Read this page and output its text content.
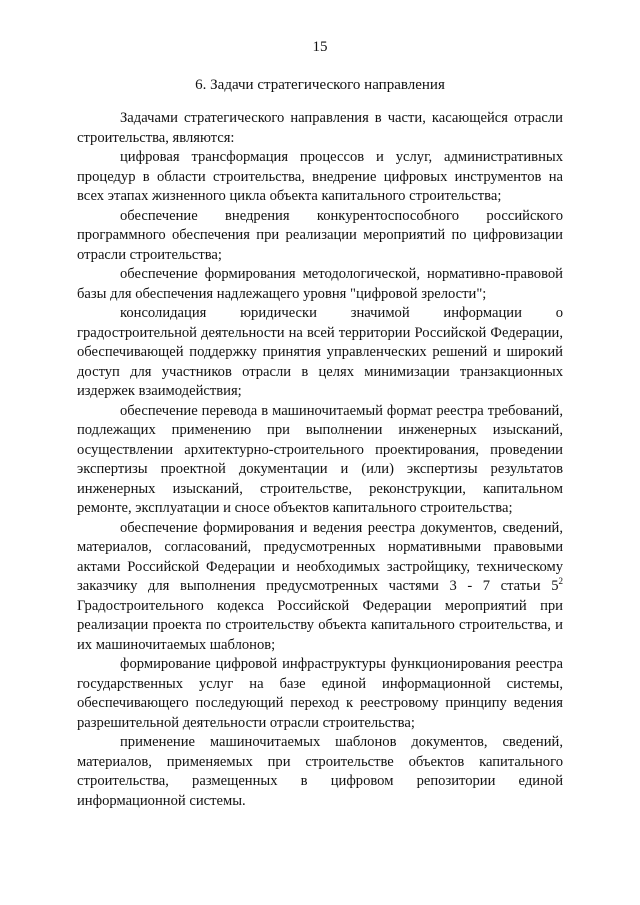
15
6. Задачи стратегического направления

Задачами стратегического направления в части, касающейся отрасли строительства, являются:

цифровая трансформация процессов и услуг, административных процедур в области строительства, внедрение цифровых инструментов на всех этапах жизненного цикла объекта капитального строительства;

обеспечение внедрения конкурентоспособного российского программного обеспечения при реализации мероприятий по цифровизации отрасли строительства;

обеспечение формирования методологической, нормативно-правовой базы для обеспечения надлежащего уровня "цифровой зрелости";

консолидация юридически значимой информации о градостроительной деятельности на всей территории Российской Федерации, обеспечивающей поддержку принятия управленческих решений и широкий доступ для участников отрасли в целях минимизации транзакционных издержек взаимодействия;

обеспечение перевода в машиночитаемый формат реестра требований, подлежащих применению при выполнении инженерных изысканий, осуществлении архитектурно-строительного проектирования, проведении экспертизы проектной документации и (или) экспертизы результатов инженерных изысканий, строительстве, реконструкции, капитальном ремонте, эксплуатации и сносе объектов капитального строительства;

обеспечение формирования и ведения реестра документов, сведений, материалов, согласований, предусмотренных нормативными правовыми актами Российской Федерации и необходимых застройщику, техническому заказчику для выполнения предусмотренных частями 3 - 7 статьи $5^2$ Градостроительного кодекса Российской Федерации мероприятий при реализации проекта по строительству объекта капитального строительства, и их машиночитаемых шаблонов;

формирование цифровой инфраструктуры функционирования реестра государственных услуг на базе единой информационной системы, обеспечивающего последующий переход к реестровому принципу ведения разрешительной деятельности отрасли строительства;

применение машиночитаемых шаблонов документов, сведений, материалов, применяемых при строительстве объектов капитального строительства, размещенных в цифровом репозитории единой информационной системы.
